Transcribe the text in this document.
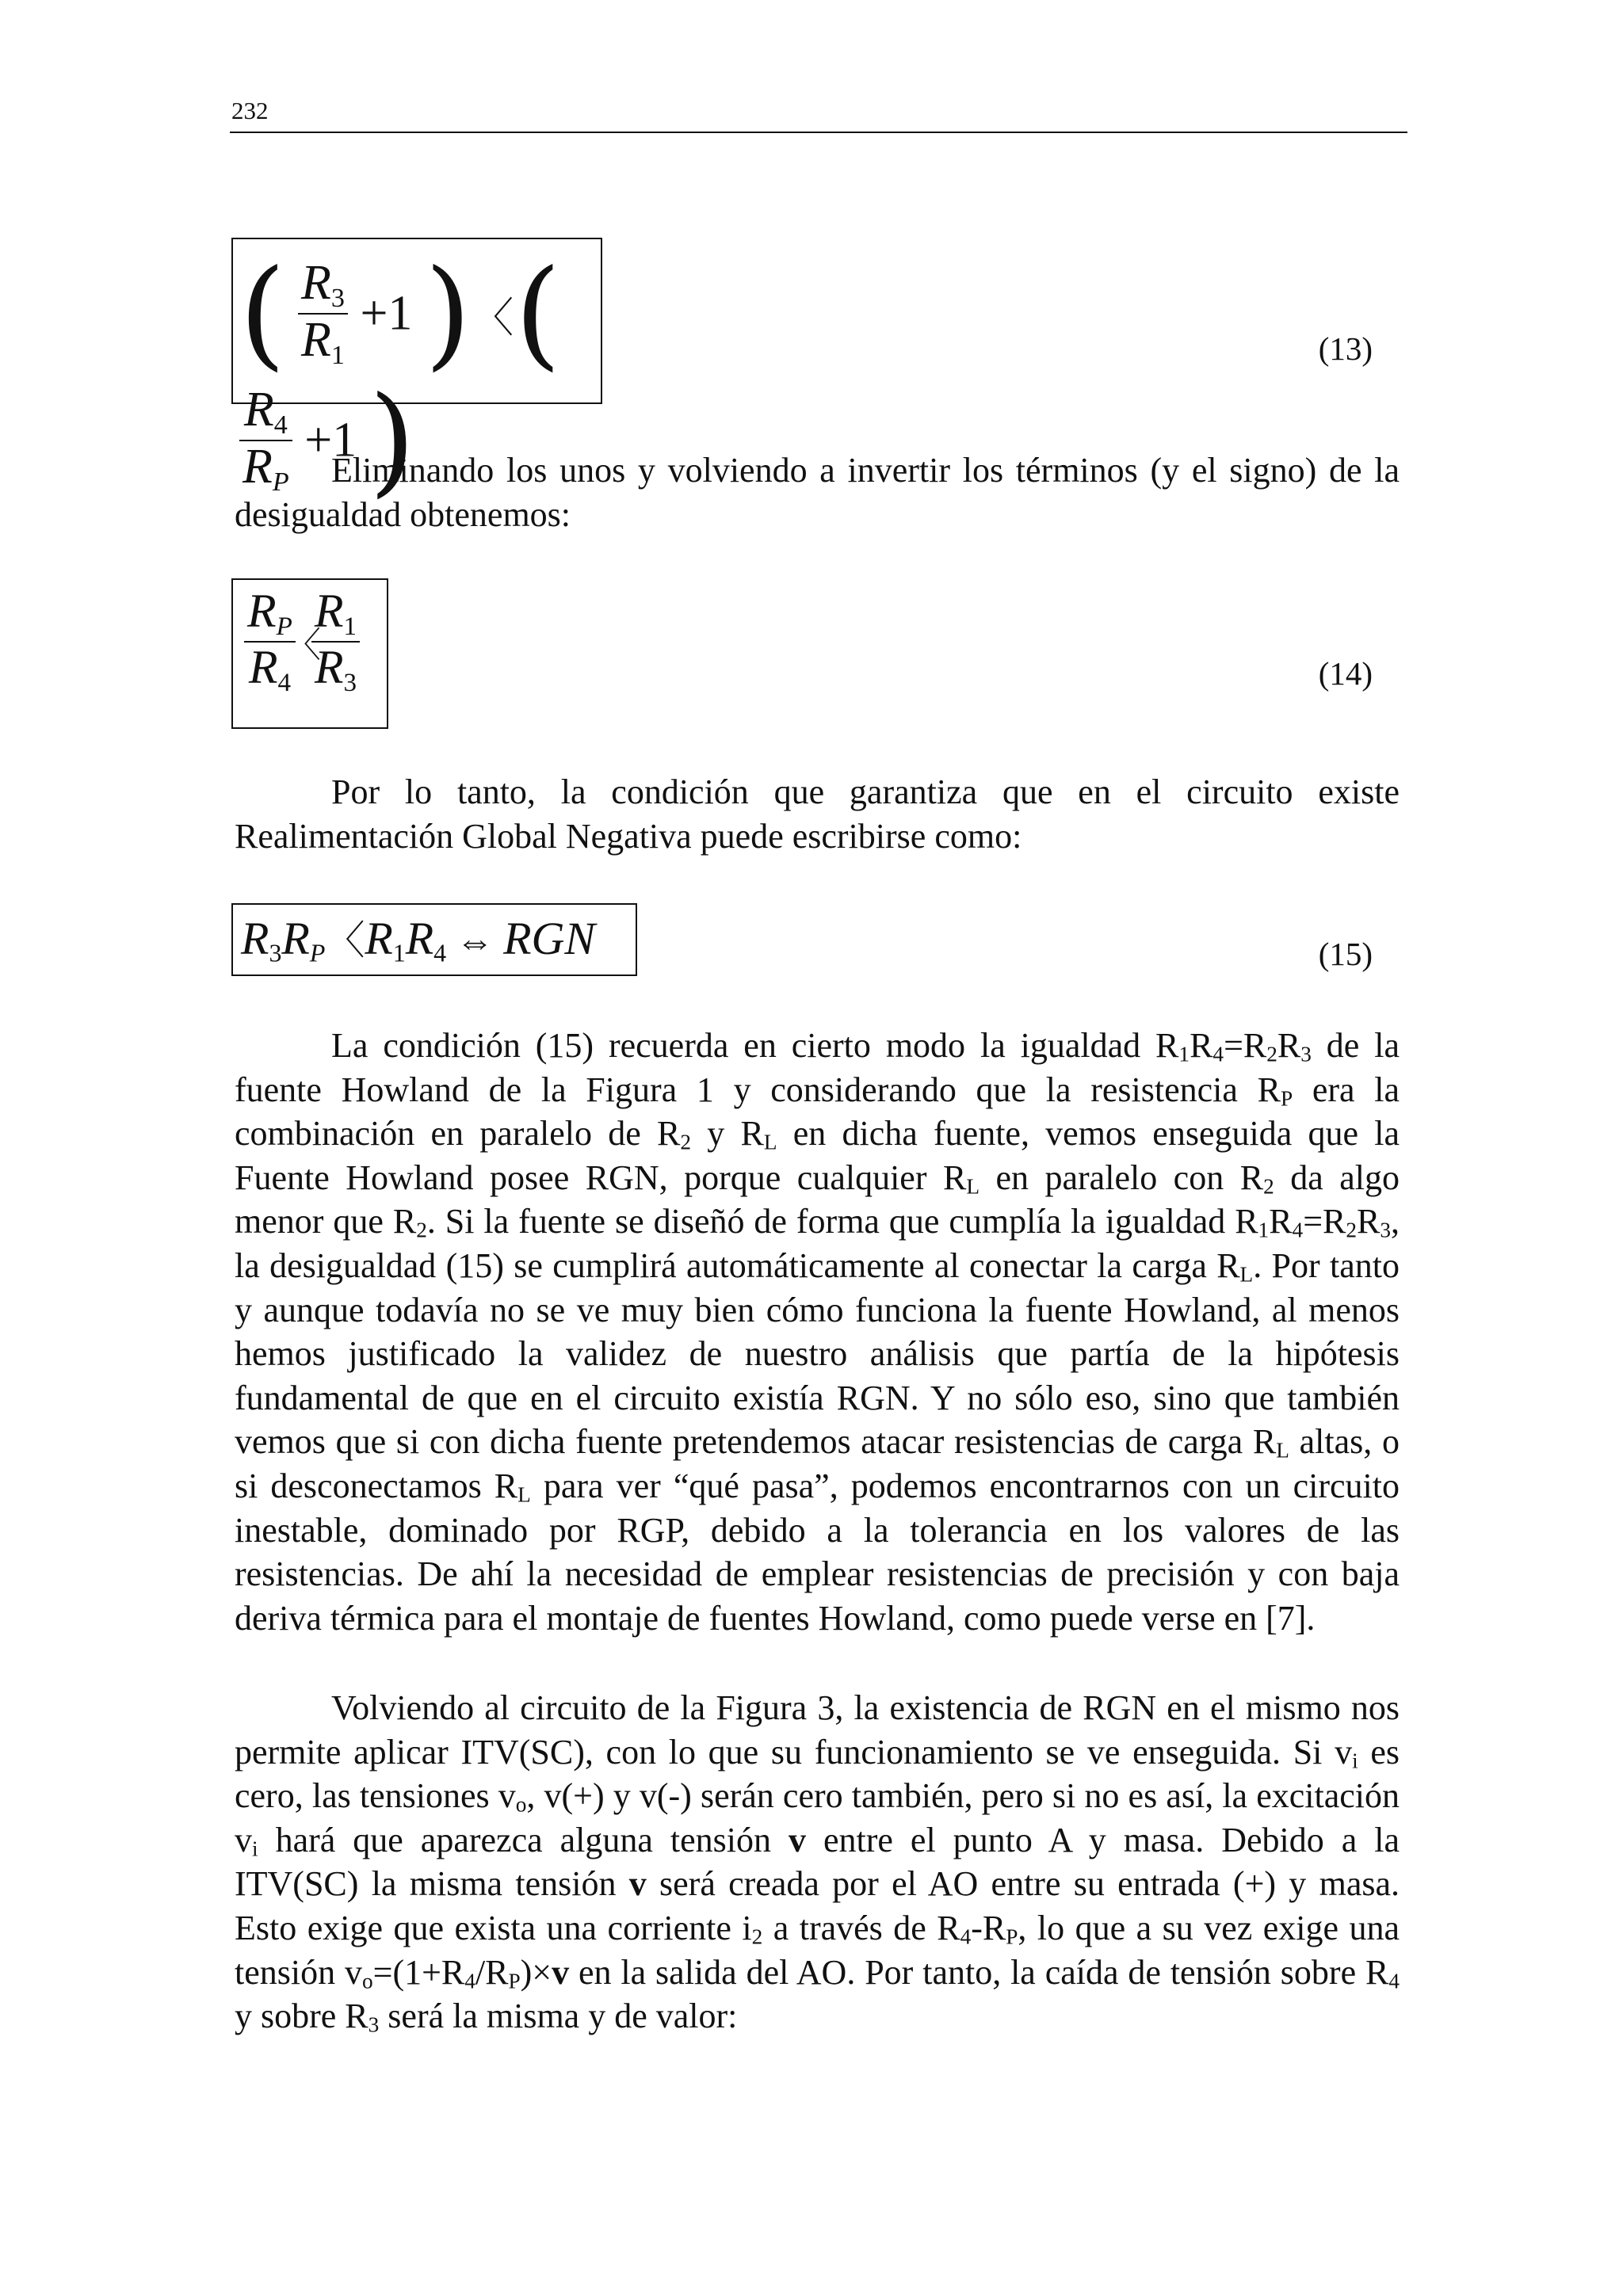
232
( $\frac{R_3}{R_1} +1$ ) 〈 (
$\frac{R_4}{RP} +1$ )
(13)

Eliminando los unos y volviendo a invertir los términos (y el signo) de la desigualdad obtenemos:

$\frac{RP}{R_4}$
〈
$\frac{R_1}{R_3}$	(14)

Por lo tanto, la condición que garantiza que en el circuito existe Realimentación Global Negativa puede escribirse como:

$R_3RP$〈$R_1R_4$ ⇔ RGN	(15)

La condición (15) recuerda en cierto modo la igualdad $R_1R_4=R_2R_3$ de la fuente Howland de la Figura 1 y considerando que la resistencia $R_P$ era la combinación en paralelo de $R_2$ y $R_L$ en dicha fuente, vemos enseguida que la Fuente Howland posee RGN, porque cualquier $R_L$ en paralelo con $R_2$ da algo menor que $R_2$. Si la fuente se diseñó de forma que cumplía la igualdad $R_1R_4=R_2R_3$, la desigualdad (15) se cumplirá automáticamente al conectar la carga $R_L$. Por tanto y aunque todavía no se ve muy bien cómo funciona la fuente Howland, al menos hemos justificado la validez de nuestro análisis que partía de la hipótesis fundamental de que en el circuito existía RGN. Y no sólo eso, sino que también vemos que si con dicha fuente pretendemos atacar resistencias de carga $R_L$ altas, o si desconectamos $R_L$ para ver “qué pasa”, podemos encontrarnos con un circuito inestable, dominado por RGP, debido a la tolerancia en los valores de las resistencias. De ahí la necesidad de emplear resistencias de precisión y con baja deriva térmica para el montaje de fuentes Howland, como puede verse en [7].

Volviendo al circuito de la Figura 3, la existencia de RGN en el mismo nos permite aplicar ITV(SC), con lo que su funcionamiento se ve enseguida. Si $v_i$ es cero, las tensiones $v_o$, v(+) y v(-) serán cero también, pero si no es así, la excitación $v_i$ hará que aparezca alguna tensión v entre el punto A y masa. Debido a la ITV(SC) la misma tensión v será creada por el AO entre su entrada (+) y masa. Esto exige que exista una corriente $i_2$ a través de $R_4-R_P$, lo que a su vez exige una tensión $v_o=(1+R_4/R_P)\times v$ en la salida del AO. Por tanto, la caída de tensión sobre $R_4$ y sobre $R_3$ será la misma y de valor:
